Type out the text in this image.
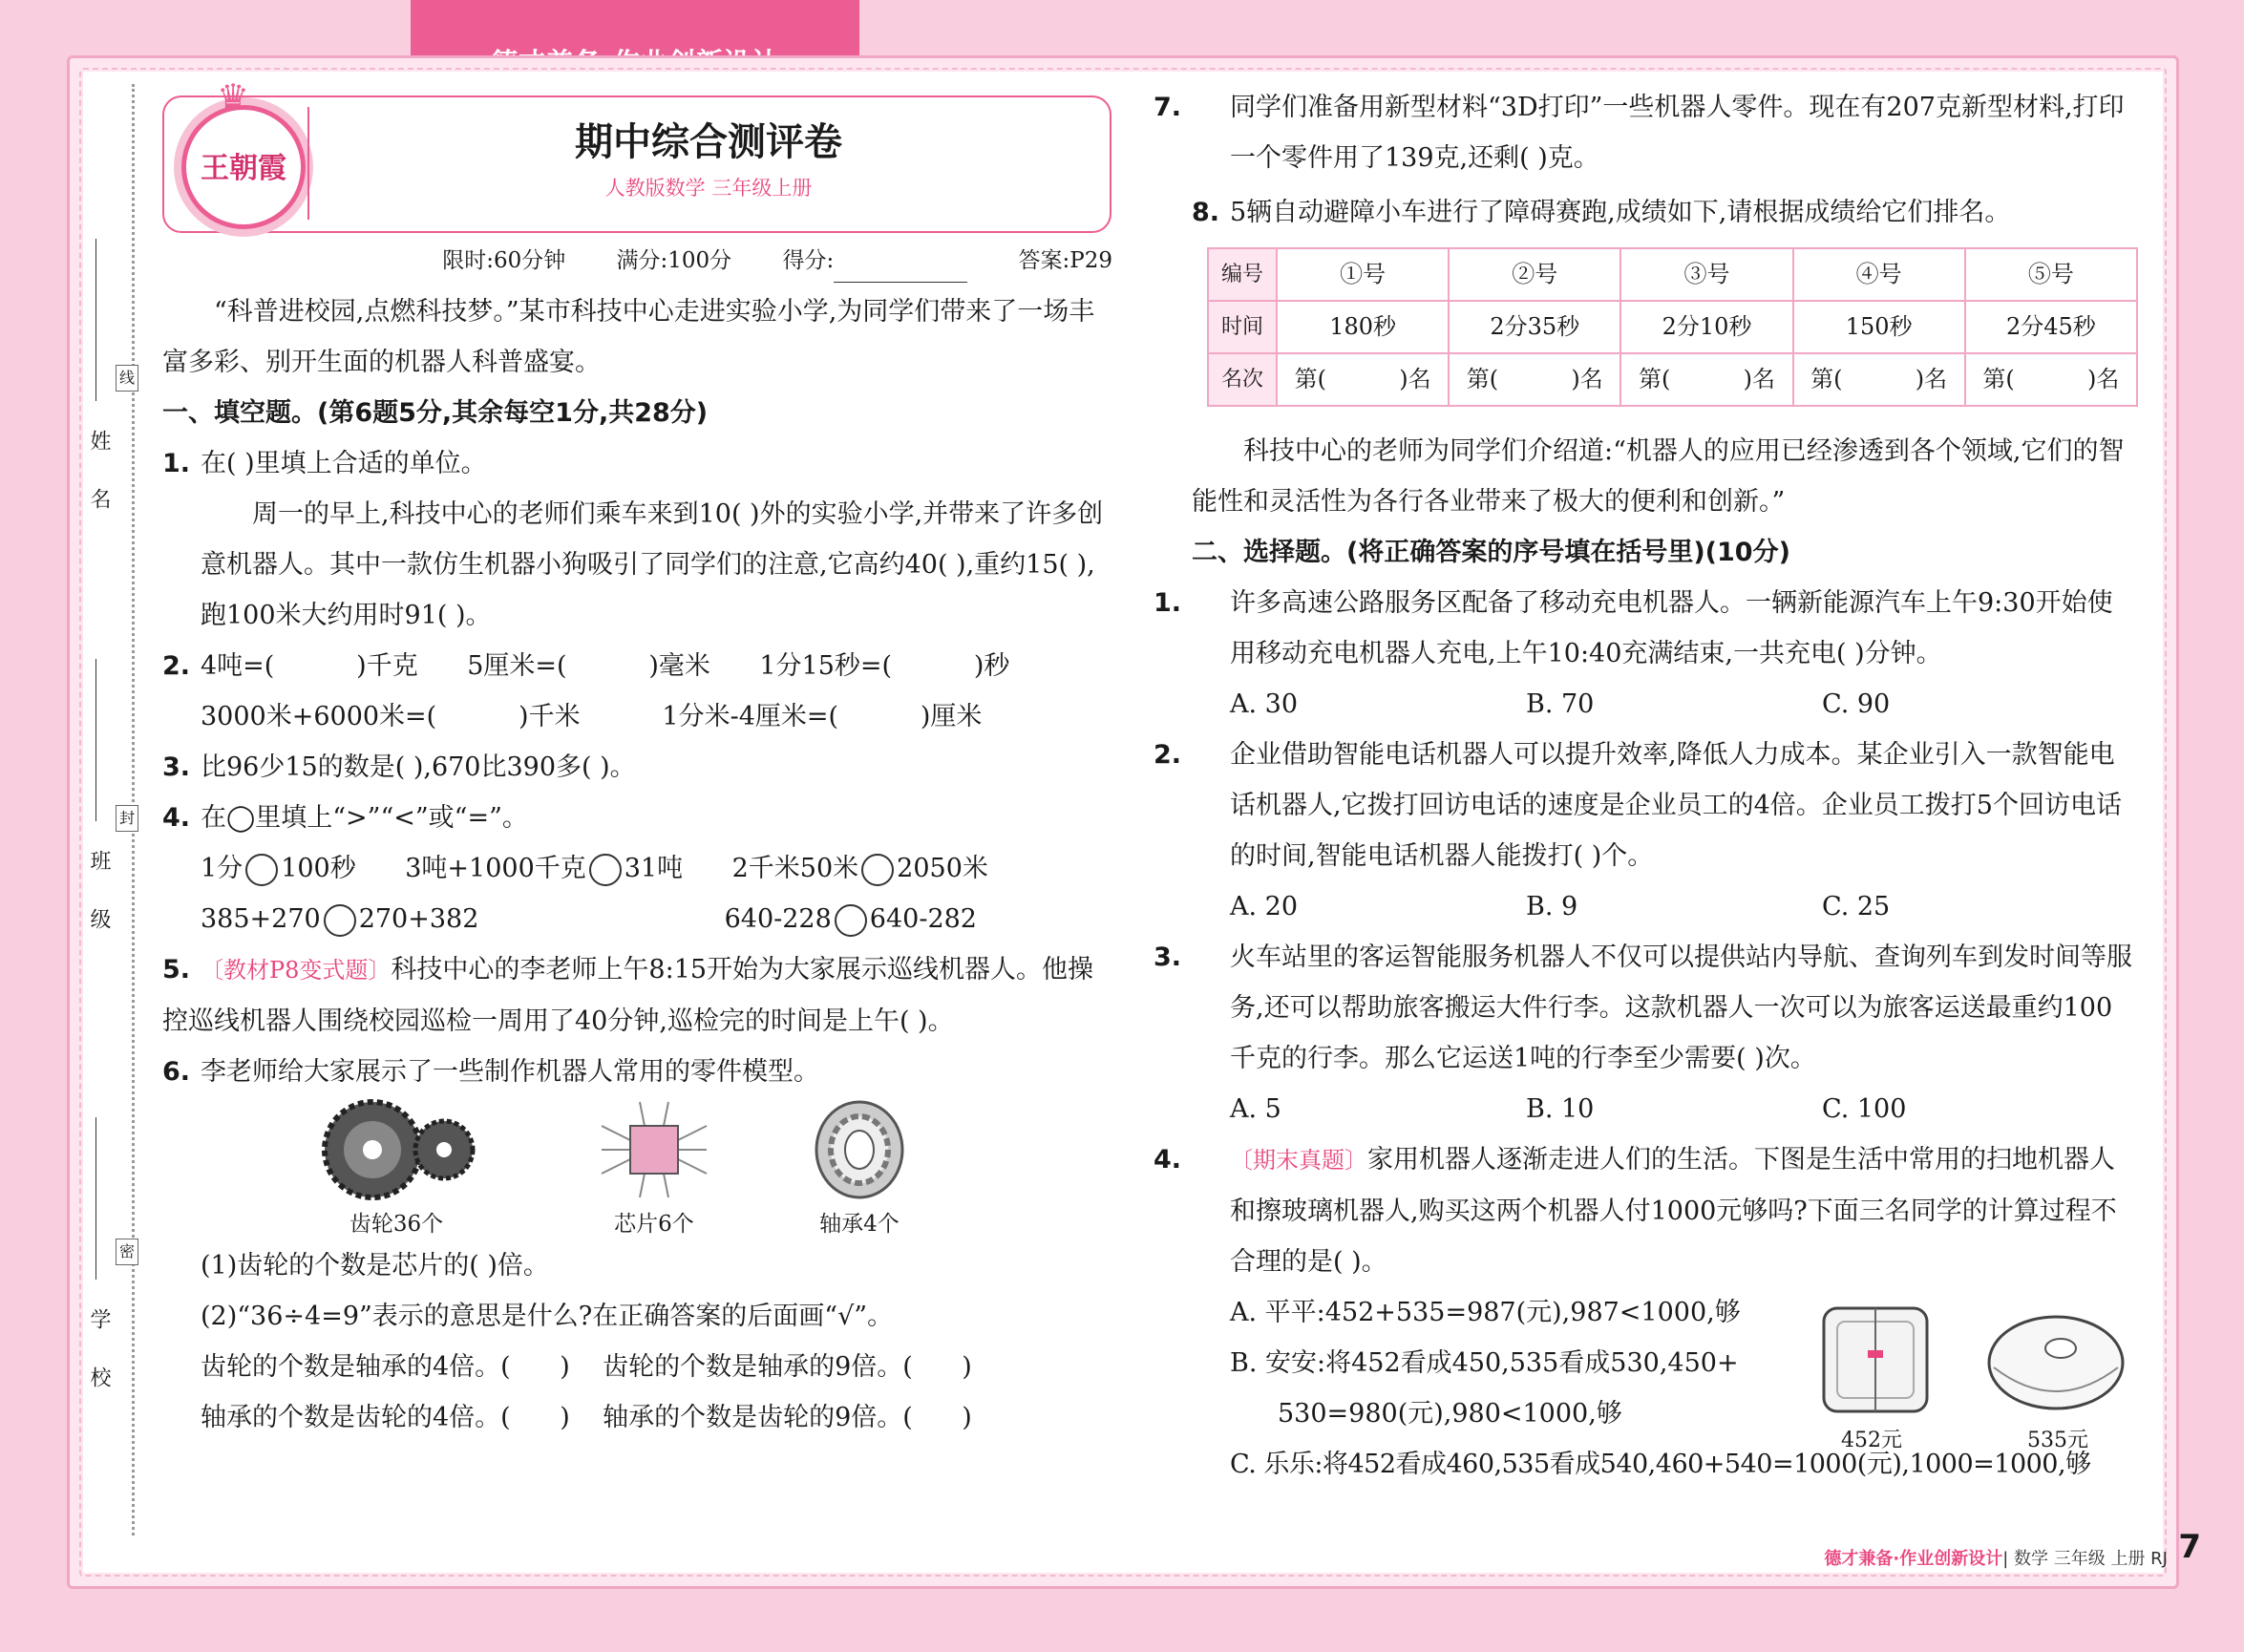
姓 名
班 级
学 校
线
封
密
♛
王朝霞
期中综合测评卷
人教版数学 三年级上册
限时:60分钟 满分:100分 得分:	答案:P29

“科普进校园,点燃科技梦。”某市科技中心走进实验小学,为同学们带来了一场丰富多彩、别开生面的机器人科普盛宴。

一、填空题。(第6题5分,其余每空1分,共28分)

1. 在( )里填上合适的单位。

周一的早上,科技中心的老师们乘车来到10( )外的实验小学,并带来了许多创意机器人。其中一款仿生机器小狗吸引了同学们的注意,它高约40( ),重约15( ),跑100米大约用时91( )。

2. 4吨=(          )千克      5厘米=(          )毫米      1分15秒=(          )秒

3000米+6000米=(          )千米          1分米-4厘米=(          )厘米

3. 比96少15的数是( ),670比390多( )。

4. 在◯里填上“>”“<”或“=”。

1分 100秒 3吨+1000千克 31吨 2千米50米 2050米

385+270 270+382	640-228 640-282

5. 〔教材P8变式题〕科技中心的李老师上午8:15开始为大家展示巡线机器人。他操控巡线机器人围绕校园巡检一周用了40分钟,巡检完的时间是上午( )。

6. 李老师给大家展示了一些制作机器人常用的零件模型。

齿轮36个	芯片6个	轴承4个

(1)齿轮的个数是芯片的( )倍。

(2)“36÷4=9”表示的意思是什么?在正确答案的后面画“√”。

齿轮的个数是轴承的4倍。(      ) 齿轮的个数是轴承的9倍。(      )

轴承的个数是齿轮的4倍。(      ) 轴承的个数是齿轮的9倍。(      )

7. 同学们准备用新型材料“3D打印”一些机器人零件。现在有207克新型材料,打印一个零件用了139克,还剩( )克。

8. 5辆自动避障小车进行了障碍赛跑,成绩如下,请根据成绩给它们排名。

编号	①号	②号	③号	④号	⑤号
时间	180秒	2分35秒	2分10秒	150秒	2分45秒
名次	第(          )名	第(          )名	第(          )名	第(          )名	第(          )名

科技中心的老师为同学们介绍道:“机器人的应用已经渗透到各个领域,它们的智能性和灵活性为各行各业带来了极大的便利和创新。”

二、选择题。(将正确答案的序号填在括号里)(10分)

1. 许多高速公路服务区配备了移动充电机器人。一辆新能源汽车上午9:30开始使用移动充电机器人充电,上午10:40充满结束,一共充电( )分钟。

A. 30	B. 70	C. 90

2. 企业借助智能电话机器人可以提升效率,降低人力成本。某企业引入一款智能电话机器人,它拨打回访电话的速度是企业员工的4倍。企业员工拨打5个回访电话的时间,智能电话机器人能拨打( )个。

A. 20	B. 9	C. 25

3. 火车站里的客运智能服务机器人不仅可以提供站内导航、查询列车到发时间等服务,还可以帮助旅客搬运大件行李。这款机器人一次可以为旅客运送最重约100千克的行李。那么它运送1吨的行李至少需要( )次。

A. 5	B. 10	C. 100

4. 〔期末真题〕家用机器人逐渐走进人们的生活。下图是生活中常用的扫地机器人和擦玻璃机器人,购买这两个机器人付1000元够吗?下面三名同学的计算过程不合理的是( )。

A. 平平:452+535=987(元),987<1000,够

B. 安安:将452看成450,535看成530,450+

530=980(元),980<1000,够

C. 乐乐:将452看成460,535看成540,460+540=1000(元),1000=1000,够

452元	535元
德才兼备·作业创新设计| 数学 三年级 上册 RJ 7
